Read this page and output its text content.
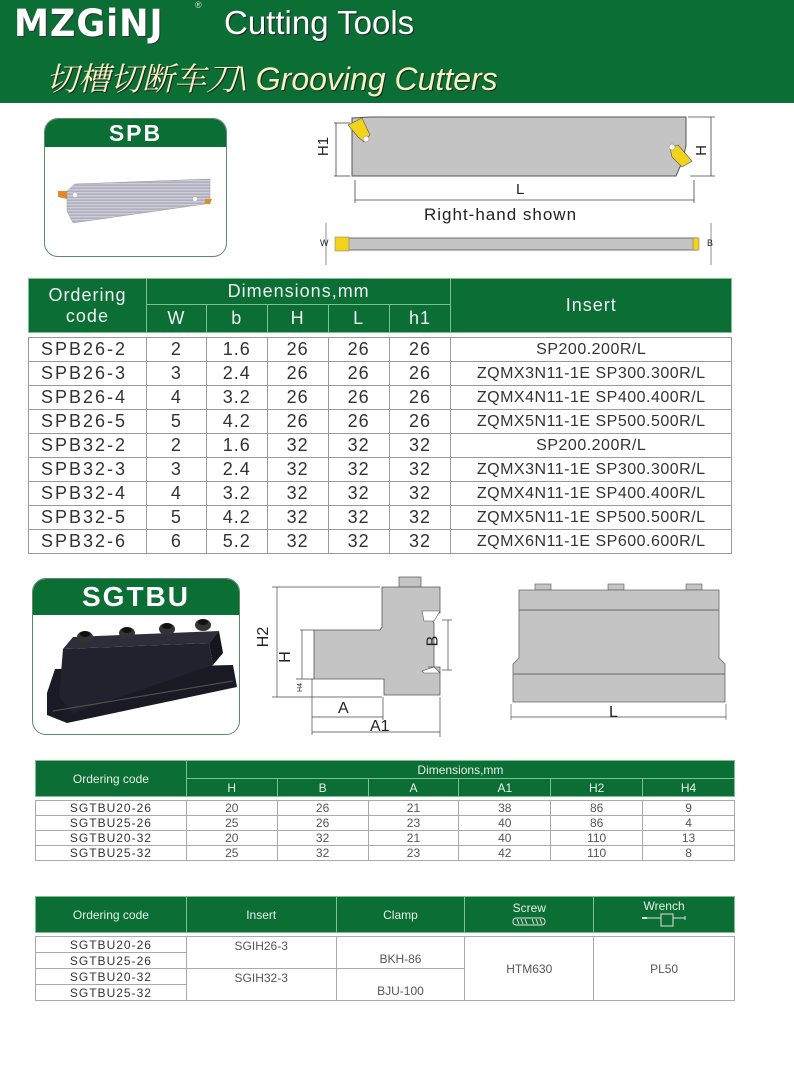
MZGiNJ	® Cutting Tools
切槽切断车刀\ Grooving Cutters
SPB
H1	H
L
Right-hand shown
W	B
Ordering
code	Dimensions,mm					Insert
	W	b	H	L	h1	

SPB26-2	2	1.6	26	26	26	SP200.200R/L
SPB26-3	3	2.4	26	26	26	ZQMX3N11-1E SP300.300R/L
SPB26-4	4	3.2	26	26	26	ZQMX4N11-1E SP400.400R/L
SPB26-5	5	4.2	26	26	26	ZQMX5N11-1E SP500.500R/L
SPB32-2	2	1.6	32	32	32	SP200.200R/L
SPB32-3	3	2.4	32	32	32	ZQMX3N11-1E SP300.300R/L
SPB32-4	4	3.2	32	32	32	ZQMX4N11-1E SP400.400R/L
SPB32-5	5	4.2	32	32	32	ZQMX5N11-1E SP500.500R/L
SPB32-6	6	5.2	32	32	32	ZQMX6N11-1E SP600.600R/L
SGTBU
H2
H
H4
B
A
A1
L
Ordering code	Dimensions,mm					
	H	B	A	A1	H2	H4

SGTBU20-26	20	26	21	38	86	9
SGTBU25-26	25	26	23	40	86	4
SGTBU20-32	20	32	21	40	110	13
SGTBU25-32	25	32	23	42	110	8
Ordering code	Insert	Clamp	Screw	Wrench

SGTBU20-26	SGIH26-3	BKH-86	HTM630	PL50
SGTBU25-26				
SGTBU20-32	SGIH32-3	BJU-100		
SGTBU25-32				
